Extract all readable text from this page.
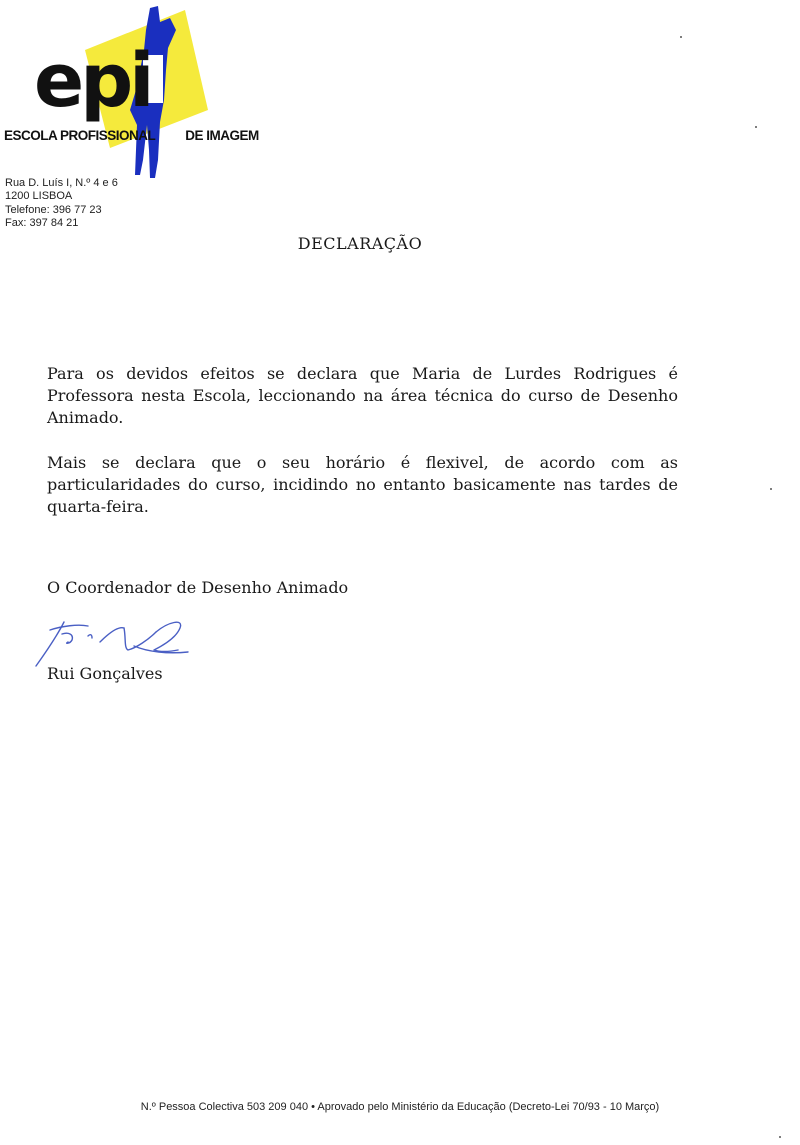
epi
ESCOLA PROFISSIONAL DE IMAGEM
Rua D. Luís I, N.º 4 e 6
1200 LISBOA
Telefone: 396 77 23
Fax: 397 84 21
DECLARAÇÃO
Para os devidos efeitos se declara que Maria de Lurdes Rodrigues é Professora nesta Escola, leccionando na área técnica do curso de Desenho Animado.
Mais se declara que o seu horário é flexivel, de acordo com as particularidades do curso, incidindo no entanto basicamente nas tardes de quarta-feira.
O Coordenador de Desenho Animado
Rui Gonçalves
N.º Pessoa Colectiva 503 209 040 • Aprovado pelo Ministério da Educação (Decreto-Lei 70/93 - 10 Março)
